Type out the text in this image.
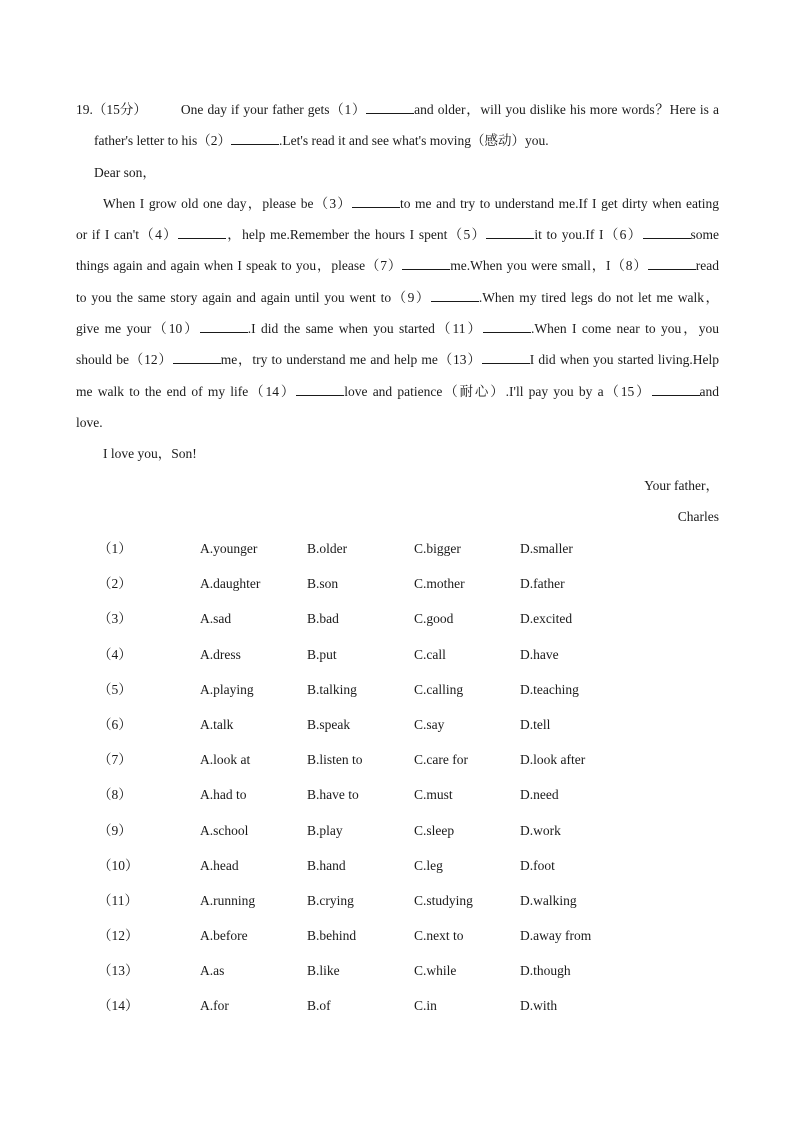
19.（15分）	One day if your father gets（1）	and older，will you dislike his more words？Here is a
father's letter to his（2）	.Let's read it and see what's moving（感动）you.
Dear son，
When I grow old one day，please be（3）	to me and try to understand me.If I get dirty when eating
or if I can't（4）	，help me.Remember the hours I spent（5）	it to you.If I（6）	some
things again and again when I speak to you，please（7）	me.When you were small，I（8）	read
to you the same story again and again until you went to（9）	.When my tired legs do not let me walk，
give me your（10）	.I did the same when you started（11）	.When I come near to you，you
should be（12）	me，try to understand me and help me（13）	I did when you started living.Help
me walk to the end of my life（14）	love and patience（耐心）.I'll pay you by a（15）	and
love.
I love you，Son!
Your father，
Charles
（1）	A.younger	B.older	C.bigger	D.smaller
（2）	A.daughter	B.son	C.mother	D.father
（3）	A.sad	B.bad	C.good	D.excited
（4）	A.dress	B.put	C.call	D.have
（5）	A.playing	B.talking	C.calling	D.teaching
（6）	A.talk	B.speak	C.say	D.tell
（7）	A.look at	B.listen to	C.care for	D.look after
（8）	A.had to	B.have to	C.must	D.need
（9）	A.school	B.play	C.sleep	D.work
（10）	A.head	B.hand	C.leg	D.foot
（11）	A.running	B.crying	C.studying	D.walking
（12）	A.before	B.behind	C.next to	D.away from
（13）	A.as	B.like	C.while	D.though
（14）	A.for	B.of	C.in	D.with
